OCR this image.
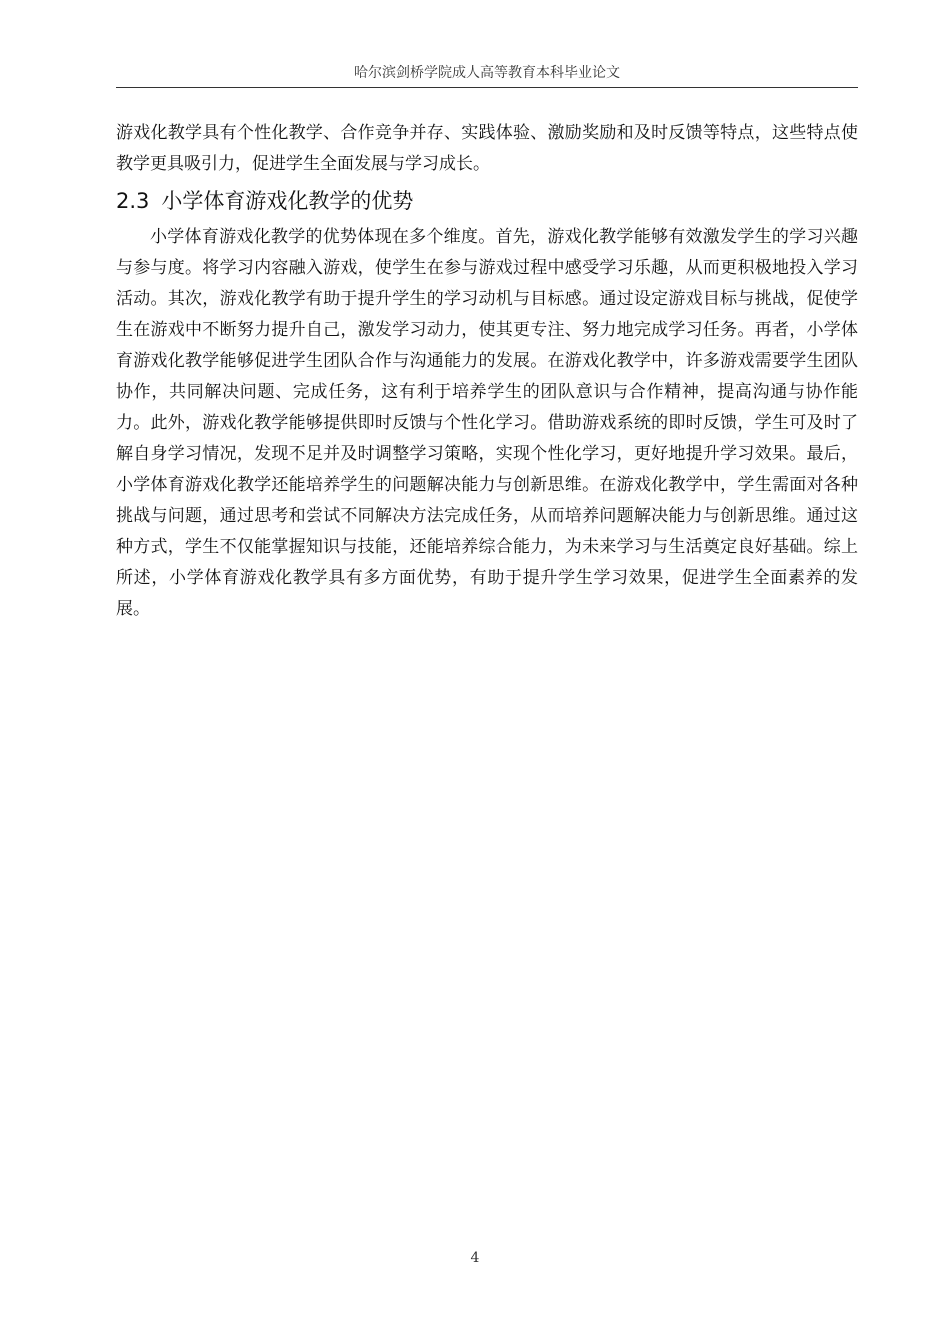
哈尔滨剑桥学院成人高等教育本科毕业论文

游戏化教学具有个性化教学、合作竞争并存、实践体验、激励奖励和及时反馈等特点，这些特点使教学更具吸引力，促进学生全面发展与学习成长。

2.3 小学体育游戏化教学的优势

小学体育游戏化教学的优势体现在多个维度。首先，游戏化教学能够有效激发学生的学习兴趣与参与度。将学习内容融入游戏，使学生在参与游戏过程中感受学习乐趣，从而更积极地投入学习活动。其次，游戏化教学有助于提升学生的学习动机与目标感。通过设定游戏目标与挑战，促使学生在游戏中不断努力提升自己，激发学习动力，使其更专注、努力地完成学习任务。再者，小学体育游戏化教学能够促进学生团队合作与沟通能力的发展。在游戏化教学中，许多游戏需要学生团队协作，共同解决问题、完成任务，这有利于培养学生的团队意识与合作精神，提高沟通与协作能力。此外，游戏化教学能够提供即时反馈与个性化学习。借助游戏系统的即时反馈，学生可及时了解自身学习情况，发现不足并及时调整学习策略，实现个性化学习，更好地提升学习效果。最后，小学体育游戏化教学还能培养学生的问题解决能力与创新思维。在游戏化教学中，学生需面对各种挑战与问题，通过思考和尝试不同解决方法完成任务，从而培养问题解决能力与创新思维。通过这种方式，学生不仅能掌握知识与技能，还能培养综合能力，为未来学习与生活奠定良好基础。综上所述，小学体育游戏化教学具有多方面优势，有助于提升学生学习效果，促进学生全面素养的发展。

4
